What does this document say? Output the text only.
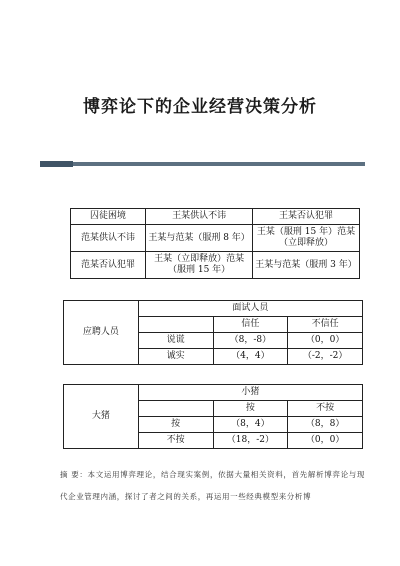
博弈论下的企业经营决策分析
囚徒困境	王某供认不讳	王某否认犯罪
范某供认不讳	王某与范某（服刑 8 年）	王某（服刑 15 年）范某（立即释放）
范某否认犯罪	王某（立即释放）范某（服刑 15 年）	王某与范某（服刑 3 年）
应聘人员	面试人员		
		信任	不信任
	说谎	（8，-8）	（0，0）
	诚实	（4，4）	（-2，-2）
大猪	小猪		
		按	不按
	按	（8，4）	（8，8）
	不按	（18，-2）	（0，0）
摘 要：本文运用博弈理论，结合现实案例，依据大量相关资料，首先解析博弈论与现代企业管理内涵，探讨了者之间的关系，再运用一些经典模型来分析博
